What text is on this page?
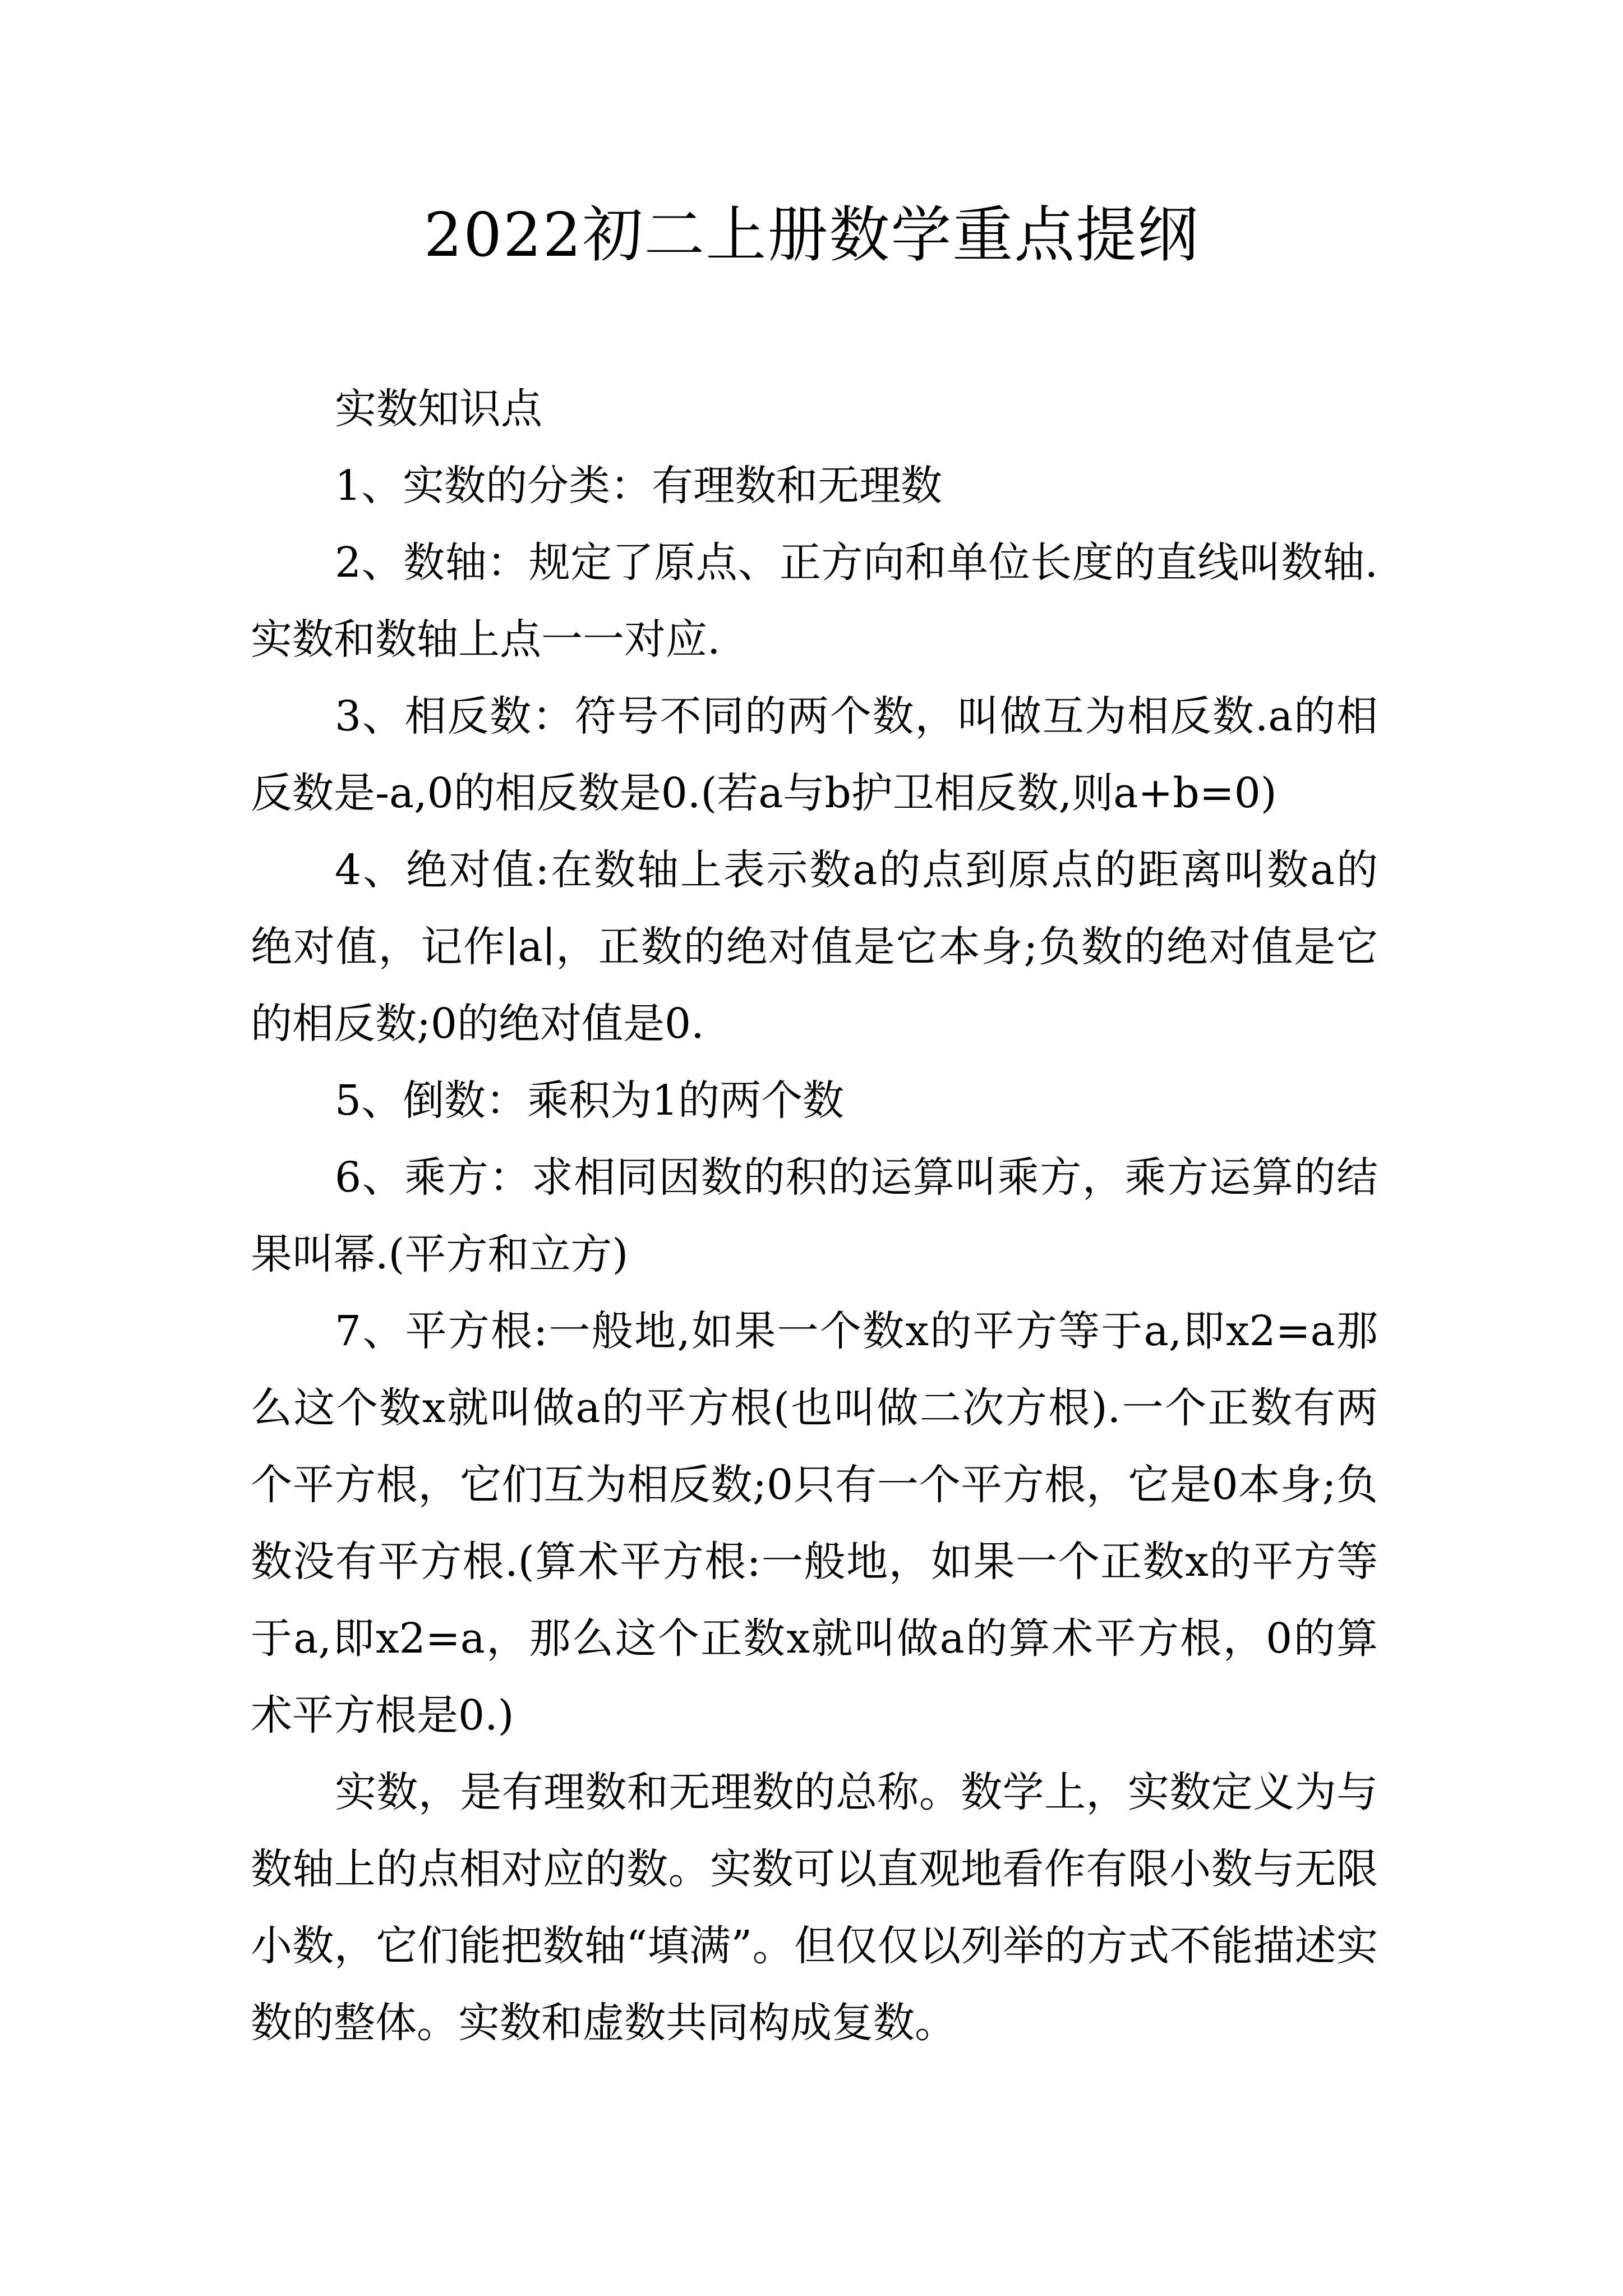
2022初二上册数学重点提纲

实数知识点

1、实数的分类：有理数和无理数

2、数轴：规定了原点、正方向和单位长度的直线叫数轴.实数和数轴上点一一对应.

3、相反数：符号不同的两个数，叫做互为相反数.a的相反数是-a,0的相反数是0.(若a与b护卫相反数,则a+b=0)

4、绝对值:在数轴上表示数a的点到原点的距离叫数a的绝对值，记作∣a∣，正数的绝对值是它本身;负数的绝对值是它的相反数;0的绝对值是0.

5、倒数：乘积为1的两个数

6、乘方：求相同因数的积的运算叫乘方，乘方运算的结果叫幂.(平方和立方)

7、平方根:一般地,如果一个数x的平方等于a,即x2=a那么这个数x就叫做a的平方根(也叫做二次方根).一个正数有两个平方根，它们互为相反数;0只有一个平方根，它是0本身;负数没有平方根.(算术平方根:一般地，如果一个正数x的平方等于a,即x2=a，那么这个正数x就叫做a的算术平方根，0的算术平方根是0.)

实数，是有理数和无理数的总称。数学上，实数定义为与数轴上的点相对应的数。实数可以直观地看作有限小数与无限小数，它们能把数轴“填满”。但仅仅以列举的方式不能描述实数的整体。实数和虚数共同构成复数。
